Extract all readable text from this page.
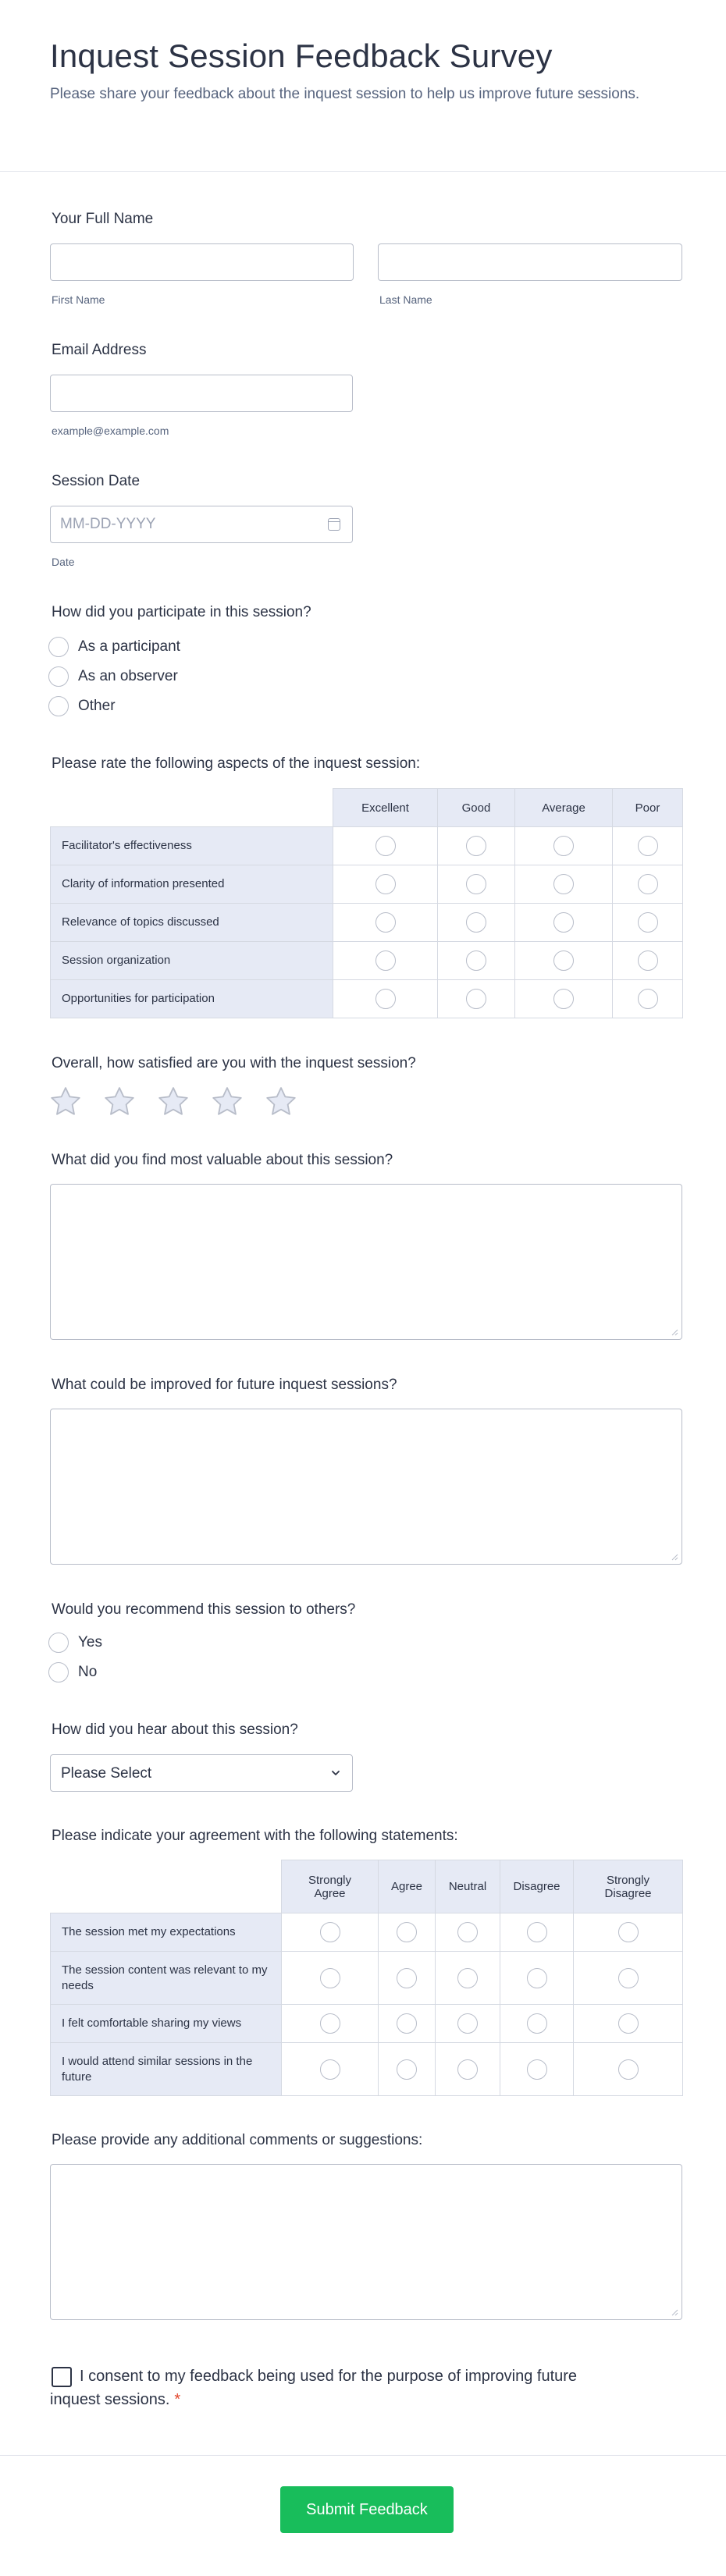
Inquest Session Feedback Survey

Please share your feedback about the inquest session to help us improve future sessions.

Your Full Name
First Name	Last Name
Email Address
example@example.com
Session Date
MM-DD-YYYY
Date
How did you participate in this session?
As a participant
As an observer
Other
Please rate the following aspects of the inquest session:
	Excellent	Good	Average	Poor
Facilitator's effectiveness				
Clarity of information presented				
Relevance of topics discussed				
Session organization				
Opportunities for participation				
Overall, how satisfied are you with the inquest session?
What did you find most valuable about this session?
What could be improved for future inquest sessions?
Would you recommend this session to others?
Yes
No
How did you hear about this session?
Please Select
Please indicate your agreement with the following statements:
	Strongly Agree	Agree	Neutral	Disagree	Strongly Disagree
The session met my expectations					
The session content was relevant to my needs					
I felt comfortable sharing my views					
I would attend similar sessions in the future					
Please provide any additional comments or suggestions:
I consent to my feedback being used for the purpose of improving future inquest sessions. *
Submit Feedback
